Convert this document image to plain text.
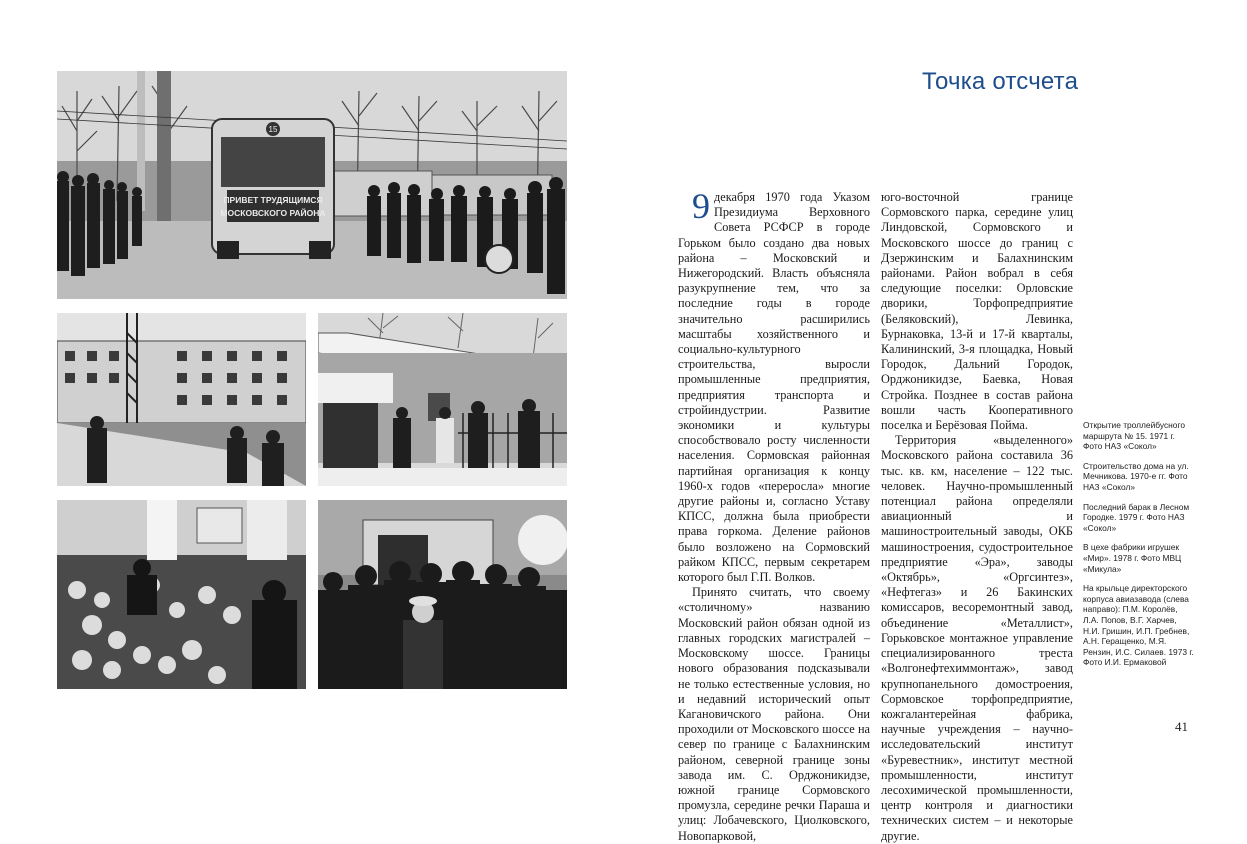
ПРИВЕТ ТРУДЯЩИМСЯ
МОСКОВСКОГО РАЙОНА
15
Точка отсчета

9 декабря 1970 года Указом Президиума Верховного Совета РСФСР в городе Горьком было создано два новых района – Московский и Нижегородский. Власть объясняла разукрупнение тем, что за последние годы в городе значительно расширились масштабы хозяйственного и социально-культурного строительства, выросли промышленные предприятия, предприятия транспорта и стройиндустрии. Развитие экономики и культуры способствовало росту численности населения. Сормовская районная партийная организация к концу 1960-х годов «переросла» многие другие районы и, согласно Уставу КПСС, должна была приобрести права горкома. Деление районов было возложено на Сормовский райком КПСС, первым секретарем которого был Г.П. Волков.

Принято считать, что своему «столичному» названию Московский район обязан одной из главных городских магистралей – Московскому шоссе. Границы нового образования подсказывали не только естественные условия, но и недавний исторический опыт Кагановичского района. Они проходили от Московского шоссе на север по границе с Балахнинским районом, северной границе зоны завода им. С. Орджоникидзе, южной границе Сормовского промузла, середине речки Параша и улиц: Лобачевского, Циолковского, Новопарковой,

юго-восточной границе Сормовского парка, середине улиц Линдовской, Сормовского и Московского шоссе до границ с Дзержинским и Балахнинским районами. Район вобрал в себя следующие поселки: Орловские дворики, Торфопредприятие (Беляковский), Левинка, Бурнаковка, 13-й и 17-й кварталы, Калининский, 3-я площадка, Новый Городок, Дальний Городок, Орджоникидзе, Баевка, Новая Стройка. Позднее в состав района вошли часть Кооперативного поселка и Берёзовая Пойма.

Территория «выделенного» Московского района составила 36 тыс. кв. км, население – 122 тыс. человек. Научно-промышленный потенциал района определяли авиационный и машиностроительный заводы, ОКБ машиностроения, судостроительное предприятие «Эра», заводы «Октябрь», «Оргсинтез», «Нефтегаз» и 26 Бакинских комиссаров, весоремонтный завод, объединение «Металлист», Горьковское монтажное управление специализированного треста «Волгонефтехиммонтаж», завод крупнопанельного домостроения, Сормовское торфопредприятие, кожгалантерейная фабрика, научные учреждения – научно-исследовательский институт «Буревестник», институт местной промышленности, институт лесохимической промышленности, центр контроля и диагностики технических систем – и некоторые другие.

Открытие троллейбусного маршрута № 15. 1971 г. Фото НАЗ «Сокол»
Строительство дома на ул. Мечникова. 1970-е гг. Фото НАЗ «Сокол»
Последний барак в Лесном Городке. 1979 г. Фото НАЗ «Сокол»
В цехе фабрики игрушек «Мир». 1978 г. Фото МВЦ «Микула»
На крыльце директорского корпуса авиазавода (слева направо): П.М. Королёв, Л.А. Попов, В.Г. Харчев, Н.И. Гришин, И.П. Гребнев, А.Н. Геращенко, М.Я. Рензин, И.С. Силаев. 1973 г. Фото И.И. Ермаковой
41
